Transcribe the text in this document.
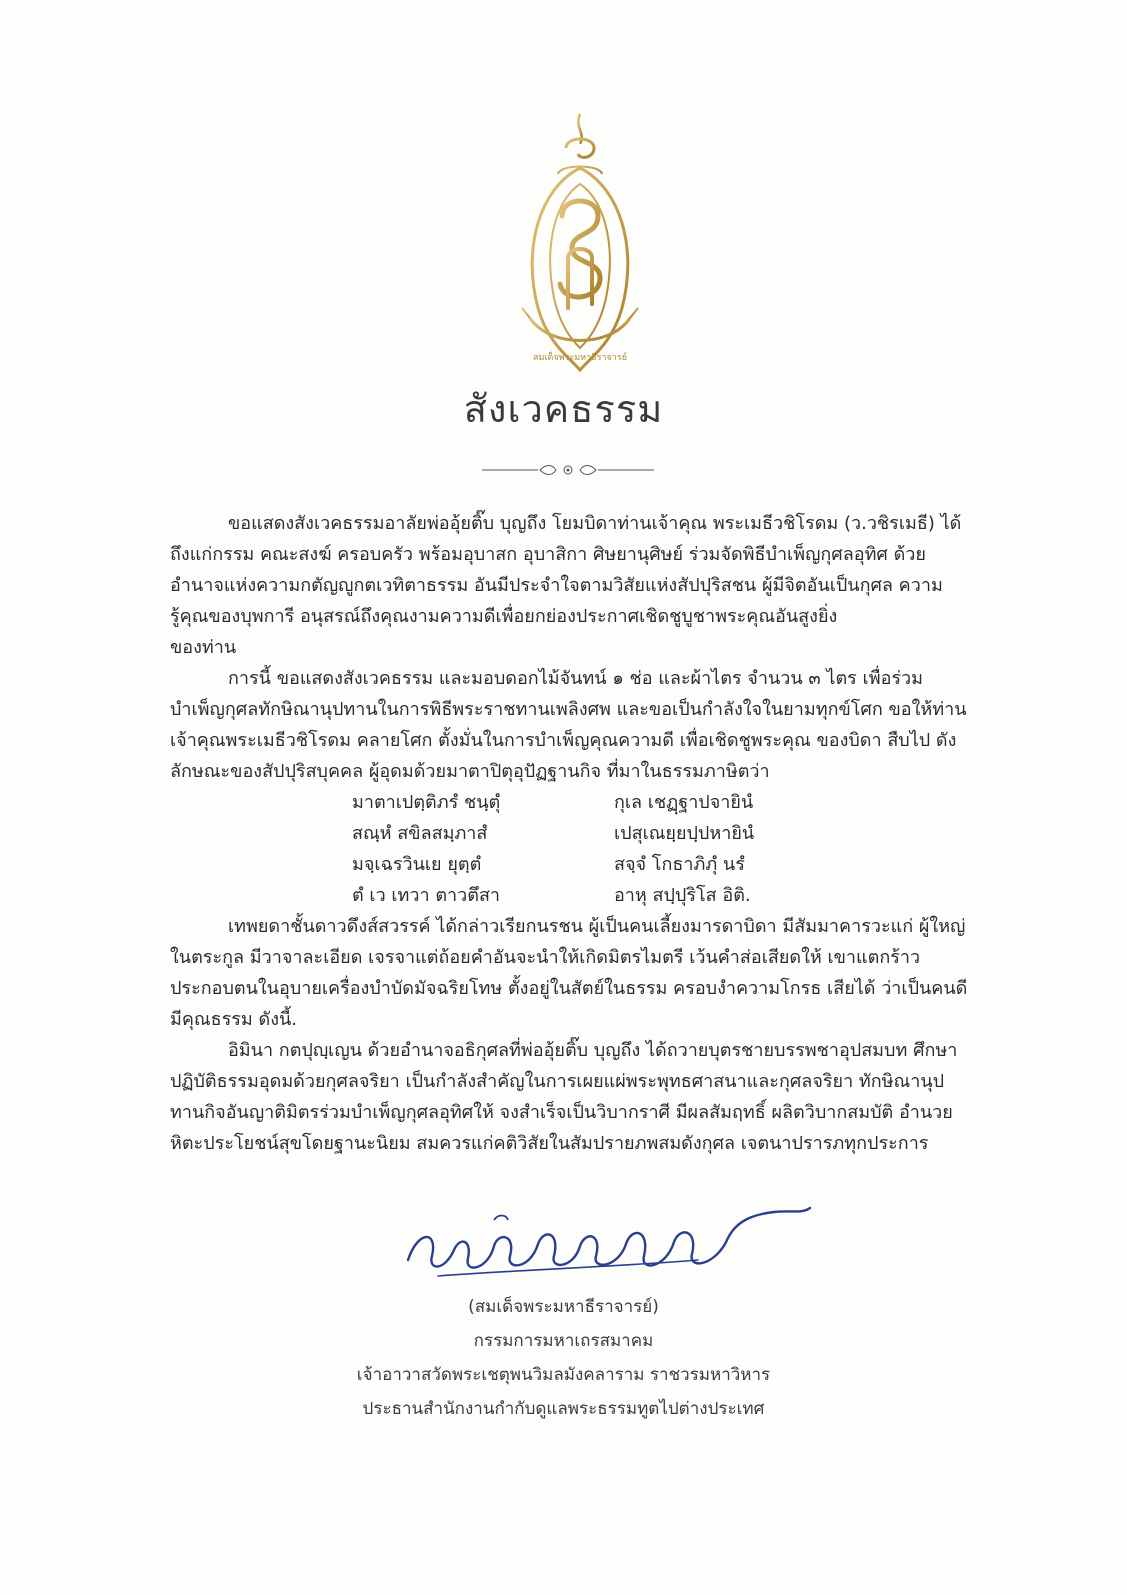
สมเด็จพระมหาธีราจารย์
สังเวคธรรม

ขอแสดงสังเวคธรรมอาลัยพ่ออุ้ยติ๊บ บุญถึง โยมบิดาท่านเจ้าคุณ พระเมธีวชิโรดม (ว.วชิรเมธี) ได้ถึงแก่กรรม คณะสงฆ์ ครอบครัว พร้อมอุบาสก อุบาสิกา ศิษยานุศิษย์ ร่วมจัดพิธีบำเพ็ญกุศลอุทิศ ด้วยอำนาจแห่งความกตัญญูกตเวทิตาธรรม อันมีประจำใจตามวิสัยแห่งสัปปุริสชน ผู้มีจิตอันเป็นกุศล ความรู้คุณของบุพการี อนุสรณ์ถึงคุณงามความดีเพื่อยกย่องประกาศเชิดชูบูชาพระคุณอันสูงยิ่ง

ของท่าน

การนี้ ขอแสดงสังเวคธรรม และมอบดอกไม้จันทน์ ๑ ช่อ และผ้าไตร จำนวน ๓ ไตร เพื่อร่วม บำเพ็ญกุศลทักษิณานุปทานในการพิธีพระราชทานเพลิงศพ และขอเป็นกำลังใจในยามทุกข์โศก ขอให้ท่านเจ้าคุณพระเมธีวชิโรดม คลายโศก ตั้งมั่นในการบำเพ็ญคุณความดี เพื่อเชิดชูพระคุณ ของบิดา สืบไป ดังลักษณะของสัปปุริสบุคคล ผู้อุดมด้วยมาตาปิตุอุปัฏฐานกิจ ที่มาในธรรมภาษิตว่า

มาตาเปตฺติภรํ ชนฺตุํ	กุเล เชฏฺฐาปจายินํ
สณฺหํ สขิลสมฺภาสํ	เปสุเณยฺยปฺปหายินํ
มจฺเฉรวินเย ยุตฺตํ	สจฺจํ โกธาภิภุํ นรํ
ตํ เว เทวา ตาวตึสา	อาหุ สปฺปุริโส อิติ.

เทพยดาชั้นดาวดึงส์สวรรค์ ได้กล่าวเรียกนรชน ผู้เป็นคนเลี้ยงมารดาบิดา มีสัมมาคารวะแก่ ผู้ใหญ่ในตระกูล มีวาจาละเอียด เจรจาแต่ถ้อยคำอันจะนำให้เกิดมิตรไมตรี เว้นคำส่อเสียดให้ เขาแตกร้าว ประกอบตนในอุบายเครื่องบำบัดมัจฉริยโทษ ตั้งอยู่ในสัตย์ในธรรม ครอบงำความโกรธ เสียได้ ว่าเป็นคนดีมีคุณธรรม ดังนี้.

อิมินา กตปุญฺเญน ด้วยอำนาจอธิกุศลที่พ่ออุ้ยติ๊บ บุญถึง ได้ถวายบุตรชายบรรพชาอุปสมบท ศึกษาปฏิบัติธรรมอุดมด้วยกุศลจริยา เป็นกำลังสำคัญในการเผยแผ่พระพุทธศาสนาและกุศลจริยา ทักษิณานุปทานกิจอันญาติมิตรร่วมบำเพ็ญกุศลอุทิศให้ จงสำเร็จเป็นวิบากราศี มีผลสัมฤทธิ์ ผลิตวิบากสมบัติ อำนวยหิตะประโยชน์สุขโดยฐานะนิยม สมควรแก่คติวิสัยในสัมปรายภพสมดังกุศล เจตนาปรารภทุกประการ

(สมเด็จพระมหาธีราจารย์)
กรรมการมหาเถรสมาคม
เจ้าอาวาสวัดพระเชตุพนวิมลมังคลาราม ราชวรมหาวิหาร
ประธานสำนักงานกำกับดูแลพระธรรมทูตไปต่างประเทศ
